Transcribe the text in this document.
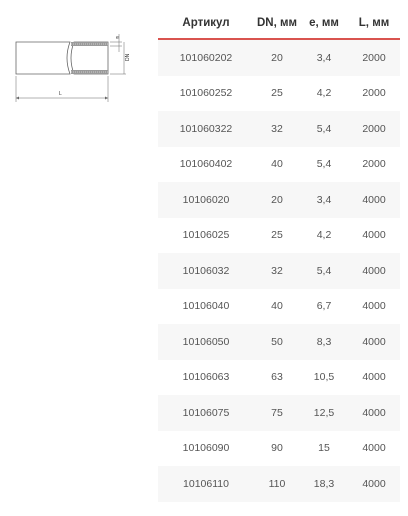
e
DN
L
Артикул	DN, мм	е, мм	L, мм
101060202	20	3,4	2000
101060252	25	4,2	2000
101060322	32	5,4	2000
101060402	40	5,4	2000
10106020	20	3,4	4000
10106025	25	4,2	4000
10106032	32	5,4	4000
10106040	40	6,7	4000
10106050	50	8,3	4000
10106063	63	10,5	4000
10106075	75	12,5	4000
10106090	90	15	4000
10106110	110	18,3	4000
